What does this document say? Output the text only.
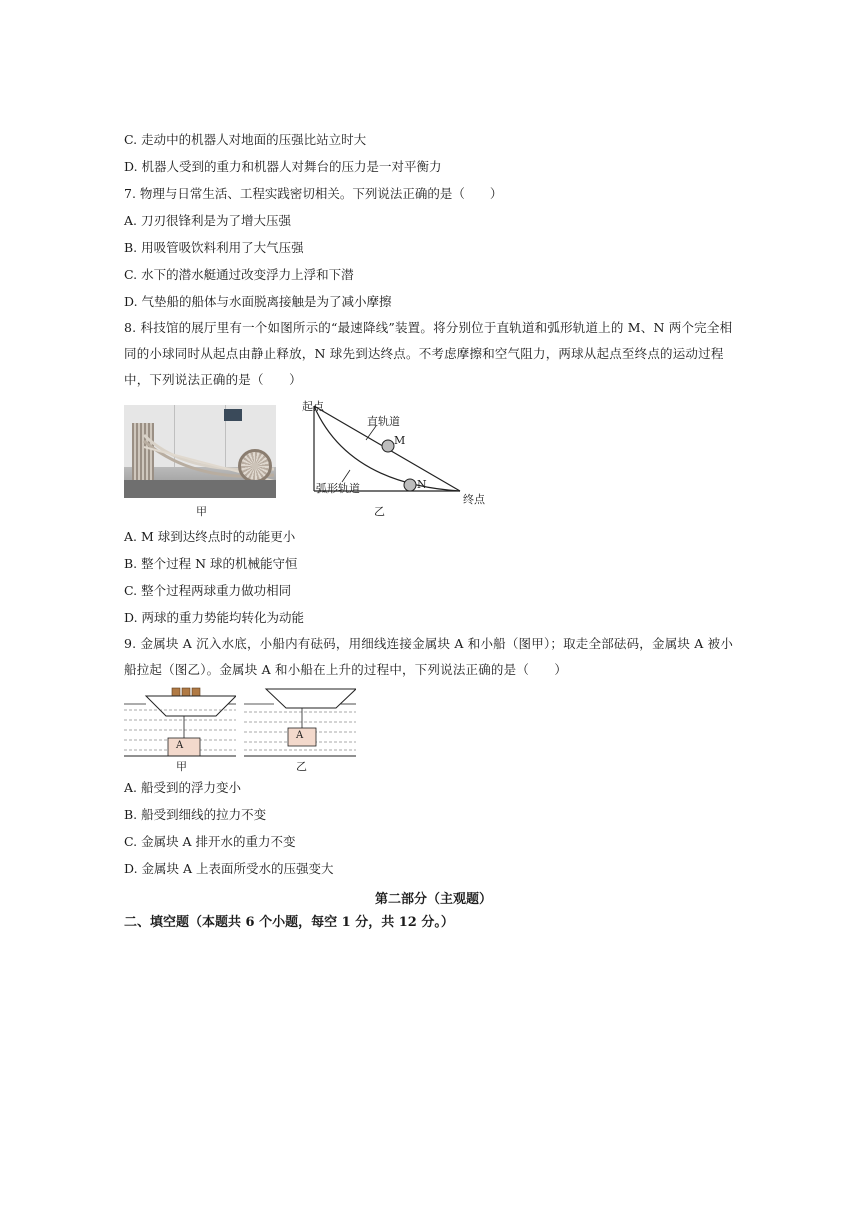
C. 走动中的机器人对地面的压强比站立时大
D. 机器人受到的重力和机器人对舞台的压力是一对平衡力
7. 物理与日常生活、工程实践密切相关。下列说法正确的是（　　）
A. 刀刃很锋利是为了增大压强
B. 用吸管吸饮料利用了大气压强
C. 水下的潜水艇通过改变浮力上浮和下潜
D. 气垫船的船体与水面脱离接触是为了减小摩擦
8. 科技馆的展厅里有一个如图所示的“最速降线”装置。将分别位于直轨道和弧形轨道上的 M、N 两个完全相同的小球同时从起点由静止释放，N 球先到达终点。不考虑摩擦和空气阻力，两球从起点至终点的运动过程中，下列说法正确的是（　　）
甲
起点
直轨道
M
弧形轨道	N
终点
乙
A. M 球到达终点时的动能更小
B. 整个过程 N 球的机械能守恒
C. 整个过程两球重力做功相同
D. 两球的重力势能均转化为动能
9. 金属块 A 沉入水底，小船内有砝码，用细线连接金属块 A 和小船（图甲）；取走全部砝码，金属块 A 被小船拉起（图乙）。金属块 A 和小船在上升的过程中，下列说法正确的是（　　）
A
甲
A
乙
A. 船受到的浮力变小
B. 船受到细线的拉力不变
C. 金属块 A 排开水的重力不变
D. 金属块 A 上表面所受水的压强变大
第二部分（主观题）
二、填空题（本题共 6 个小题，每空 1 分，共 12 分。）
